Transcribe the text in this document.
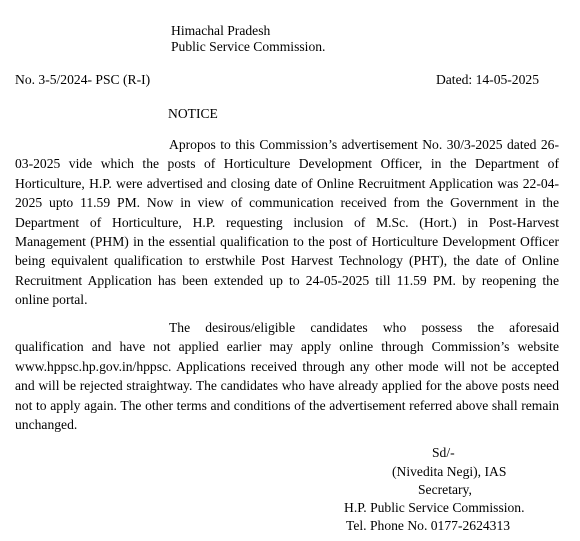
Himachal Pradesh
Public Service Commission.
No. 3-5/2024- PSC (R-I)	Dated: 14-05-2025
NOTICE

Apropos to this Commission’s advertisement No. 30/3-2025 dated 26-03-2025 vide which the posts of Horticulture Development Officer, in the Department of Horticulture, H.P. were advertised and closing date of Online Recruitment Application was 22-04-2025 upto 11.59 PM. Now in view of communication received from the Government in the Department of Horticulture, H.P. requesting inclusion of M.Sc. (Hort.) in Post-Harvest Management (PHM) in the essential qualification to the post of Horticulture Development Officer being equivalent qualification to erstwhile Post Harvest Technology (PHT), the date of Online Recruitment Application has been extended up to 24-05-2025 till 11.59 PM. by reopening the online portal.

The desirous/eligible candidates who possess the aforesaid qualification and have not applied earlier may apply online through Commission’s website www.hppsc.hp.gov.in/hppsc. Applications received through any other mode will not be accepted and will be rejected straightway. The candidates who have already applied for the above posts need not to apply again. The other terms and conditions of the advertisement referred above shall remain unchanged.

Sd/-
(Nivedita Negi), IAS
Secretary,
H.P. Public Service Commission.
Tel. Phone No. 0177-2624313
